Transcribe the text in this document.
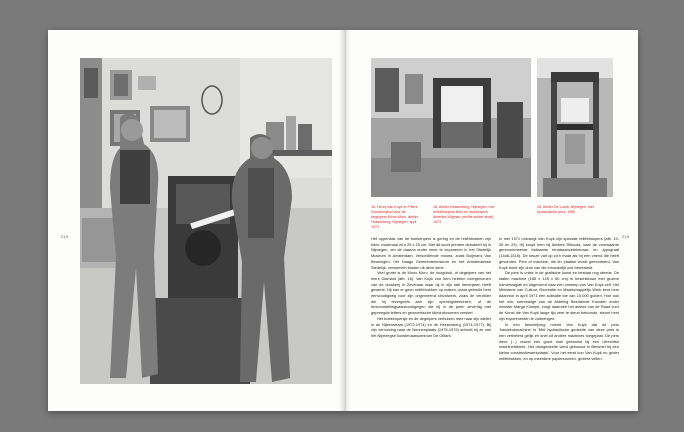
219
16. Henry van Kuyk en Piters Grootemijand voor de degelpers Mono-Moro, atelier Hessenberg, Nijmegen, april 1974
18. Atelier Hessenberg, Nijmegen, met reliëfdrukpers links en drukkerpers Amerika-Wigman (rechts achter stoel), 1974
28. Atelier De Loodt, Nijmegen, met hydraulische pers, 1980

Het oppervlak van de boekenpers is gering en de reliëfdrukken zijn klein, maximaal zo'n 25 x 25 cm. Met dit soort prenten debuteert hij in Nijmegen, om de daarna onder meer te exposeren in het Stedelijk Museum in Amsterdam. Verschillende musea, zoals Boijmans Van Beuningen, het Haags Gemeentemuseum en het Amsterdamse Stedelijk, verwierven bladen uit deze serie.

Veel groter is de Mono Moro, de hoogdruk- of degelpers van het merk Diamant (afb. 16). Van Kuyk zou hem hebben overgenomen van de drukkerij in Zevenaar waar hij in zijn late tienerjaren heeft gewerkt. Hij kan er geen reliëfdrukken op maken, maar gebruikt hem eenvoudigweg voor zijn ongemeend sinvolwerk, zoals de verzilder die hij tevergeefs aan zijn openingsberichten, of de tentoonstellingsaankondigingen die hij in de jaren zeventig met gepreegde letters en geometrische blindrukvormen versiert.

Het boekenpersje en de degelpers verhuizen mee naar zijn atelier in de Nijeenstraat (1972-1974) en de Hessenberg (1974-1977). Bij zijn verhuizing naar de Nonnenplaats (1978-1979) scheidt hij ze van het Nijmeegse kunstenaarscentrum De Olifant.

In mei 1971 ontvangt Van Kuyk zijn speciale reliëfdrukpers (afb. 19-26 en 29). Hij koopt hem bij Ateliers Ritiucas, naar de voorwaarde gerenommeerde Italiaanse renaissancetekenaar- en -typograaf (1448-1516). De keuze valt op zo'n maat als hij een vriend die heeft gevonden. Pers of machine, die ter plaatse wordt gemonteerd. Van Kuyk toont zijn druk van die inhoudelijk ook bewerkeld.

De pers is uniek in de grafische kunst en bestaat nog steeds. De stalen machine (185 x 145 x 60 cm) is beschikbaar met groene hamerslaglak en uitgevoerd naar een ontwerp van Van Kuyk zelf. Het Ministerie van Cultuur, Recreatie en Maatschappelijk Werk kent hem daarvoor in april 1971 een subsidie toe van 10.000 gulden. Hoe ook het ook, toenmalige van de Afdeling Beeldende Kunsten onder minister Marga Klompé, zorgt daarmee het advies van de Raad voor de Kunst die Van Kuyk lange tijd zeer te steun betoonde, steunt hem zijn experimenten te volbrengen.

In een beschrijving noemt Van Kuyk dat de pers 'handdrukmachine' is 'Met hydraulische gedeelte van deze pers is een verbeterd gelijk en snel uit andere machines toegepast. De pers werd (...) vooral een groot doel gebouwd bij een Utrechtse machinefabriek. Het drukgedeelte werd gebouwd in Bemmel bij een kleine constructiewerkplaats'. Voor het eerst kon Van Kuyk nu groter reliëfdrukken, en op meerdere papiersoorten, grotere vellen.

215
